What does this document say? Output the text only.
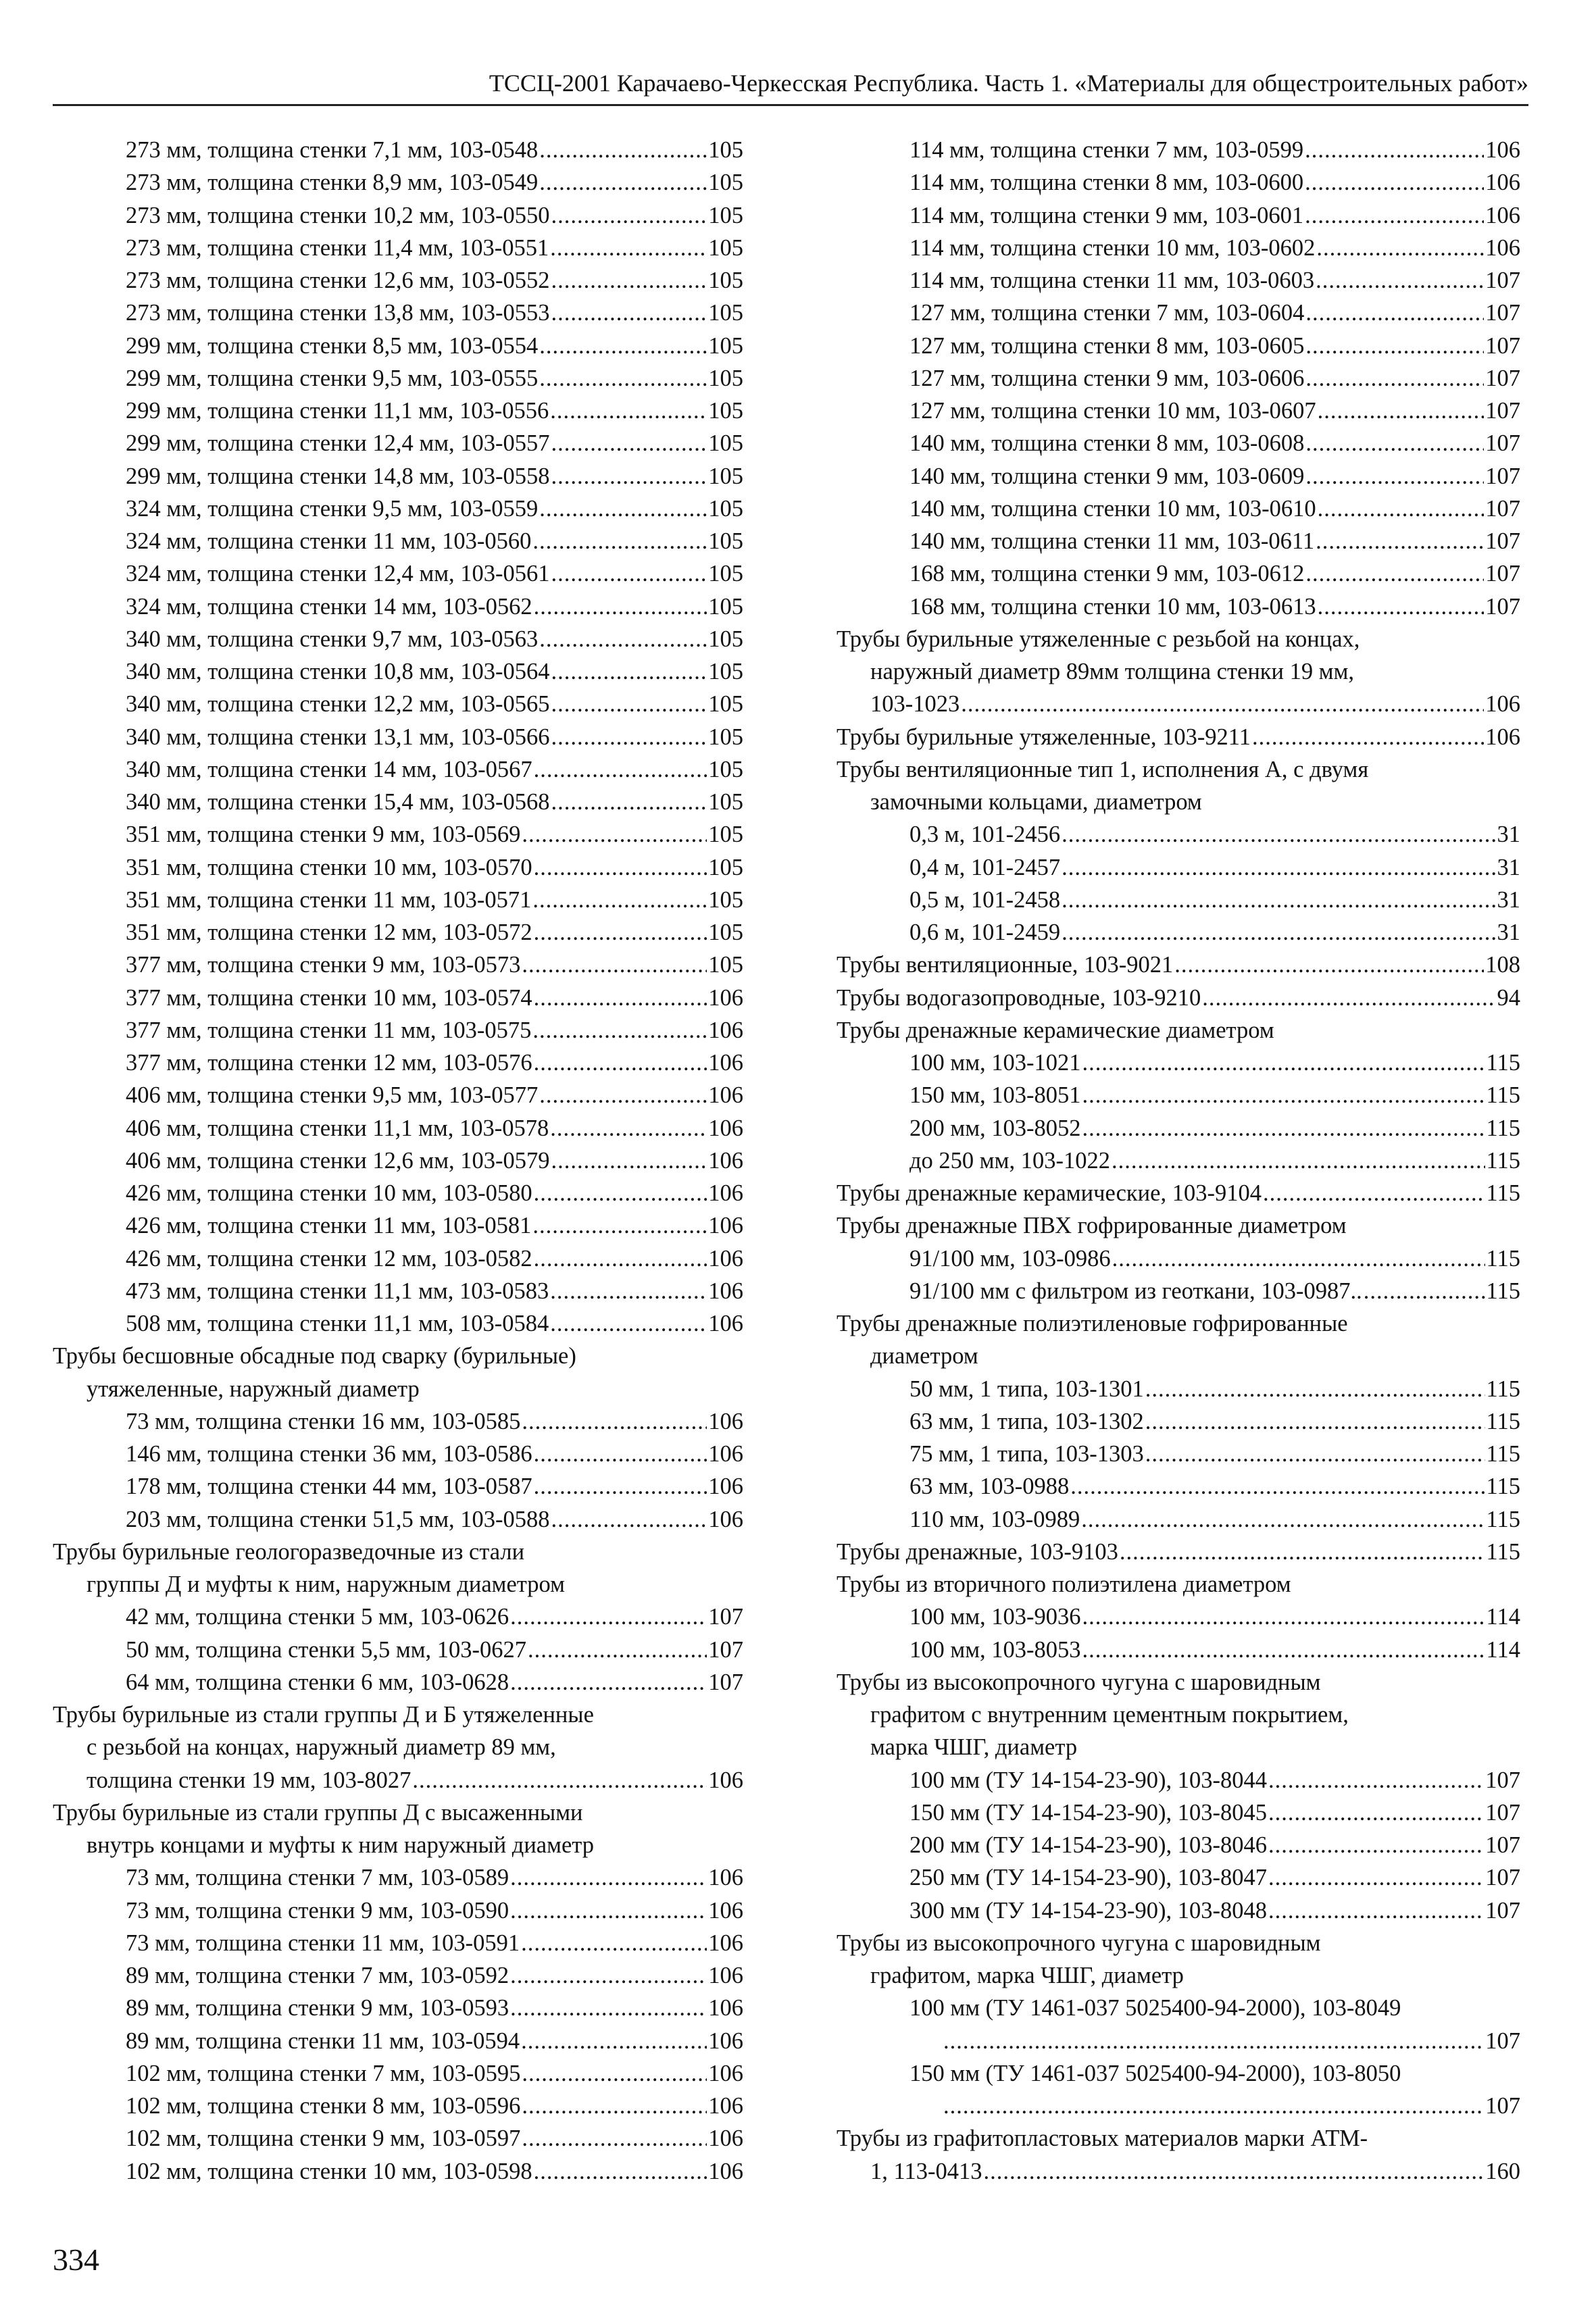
ТССЦ-2001 Карачаево-Черкесская Республика. Часть 1. «Материалы для общестроительных работ»
273 мм, толщина стенки 7,1 мм, 103-0548 .....	105
273 мм, толщина стенки 8,9 мм, 103-0549 .....	105
273 мм, толщина стенки 10,2 мм, 103-0550 .....	105
273 мм, толщина стенки 11,4 мм, 103-0551 .....	105
273 мм, толщина стенки 12,6 мм, 103-0552 .....	105
273 мм, толщина стенки 13,8 мм, 103-0553 .....	105
299 мм, толщина стенки 8,5 мм, 103-0554 .....	105
299 мм, толщина стенки 9,5 мм, 103-0555 .....	105
299 мм, толщина стенки 11,1 мм, 103-0556 .....	105
299 мм, толщина стенки 12,4 мм, 103-0557 .....	105
299 мм, толщина стенки 14,8 мм, 103-0558 .....	105
324 мм, толщина стенки 9,5 мм, 103-0559 .....	105
324 мм, толщина стенки 11 мм, 103-0560 .....	105
324 мм, толщина стенки 12,4 мм, 103-0561 .....	105
324 мм, толщина стенки 14 мм, 103-0562 .....	105
340 мм, толщина стенки 9,7 мм, 103-0563 .....	105
340 мм, толщина стенки 10,8 мм, 103-0564 .....	105
340 мм, толщина стенки 12,2 мм, 103-0565 .....	105
340 мм, толщина стенки 13,1 мм, 103-0566 .....	105
340 мм, толщина стенки 14 мм, 103-0567 .....	105
340 мм, толщина стенки 15,4 мм, 103-0568 .....	105
351 мм, толщина стенки 9 мм, 103-0569 .....	105
351 мм, толщина стенки 10 мм, 103-0570 .....	105
351 мм, толщина стенки 11 мм, 103-0571 .....	105
351 мм, толщина стенки 12 мм, 103-0572 .....	105
377 мм, толщина стенки 9 мм, 103-0573 .....	105
377 мм, толщина стенки 10 мм, 103-0574 .....	106
377 мм, толщина стенки 11 мм, 103-0575 .....	106
377 мм, толщина стенки 12 мм, 103-0576 .....	106
406 мм, толщина стенки 9,5 мм, 103-0577 .....	106
406 мм, толщина стенки 11,1 мм, 103-0578 .....	106
406 мм, толщина стенки 12,6 мм, 103-0579 .....	106
426 мм, толщина стенки 10 мм, 103-0580 .....	106
426 мм, толщина стенки 11 мм, 103-0581 .....	106
426 мм, толщина стенки 12 мм, 103-0582 .....	106
473 мм, толщина стенки 11,1 мм, 103-0583 .....	106
508 мм, толщина стенки 11,1 мм, 103-0584 .....	106
Трубы бесшовные обсадные под сварку (бурильные)
утяжеленные, наружный диаметр
73 мм, толщина стенки 16 мм, 103-0585 .....	106
146 мм, толщина стенки 36 мм, 103-0586 .....	106
178 мм, толщина стенки 44 мм, 103-0587 .....	106
203 мм, толщина стенки 51,5 мм, 103-0588 .....	106
Трубы бурильные геологоразведочные из стали
группы Д и муфты к ним, наружным диаметром
42 мм, толщина стенки 5 мм, 103-0626 .....	107
50 мм, толщина стенки 5,5 мм, 103-0627 .....	107
64 мм, толщина стенки 6 мм, 103-0628 .....	107
Трубы бурильные из стали группы Д и Б утяжеленные
с резьбой на концах, наружный диаметр 89 мм,
толщина стенки 19 мм, 103-8027 .....	106
Трубы бурильные из стали группы Д с высаженными
внутрь концами и муфты к ним наружный диаметр
73 мм, толщина стенки 7 мм, 103-0589 .....	106
73 мм, толщина стенки 9 мм, 103-0590 .....	106
73 мм, толщина стенки 11 мм, 103-0591 .....	106
89 мм, толщина стенки 7 мм, 103-0592 .....	106
89 мм, толщина стенки 9 мм, 103-0593 .....	106
89 мм, толщина стенки 11 мм, 103-0594 .....	106
102 мм, толщина стенки 7 мм, 103-0595 .....	106
102 мм, толщина стенки 8 мм, 103-0596 .....	106
102 мм, толщина стенки 9 мм, 103-0597 .....	106
102 мм, толщина стенки 10 мм, 103-0598 .....	106
114 мм, толщина стенки 7 мм, 103-0599 .....	106
114 мм, толщина стенки 8 мм, 103-0600 .....	106
114 мм, толщина стенки 9 мм, 103-0601 .....	106
114 мм, толщина стенки 10 мм, 103-0602 .....	106
114 мм, толщина стенки 11 мм, 103-0603 .....	107
127 мм, толщина стенки 7 мм, 103-0604 .....	107
127 мм, толщина стенки 8 мм, 103-0605 .....	107
127 мм, толщина стенки 9 мм, 103-0606 .....	107
127 мм, толщина стенки 10 мм, 103-0607 .....	107
140 мм, толщина стенки 8 мм, 103-0608 .....	107
140 мм, толщина стенки 9 мм, 103-0609 .....	107
140 мм, толщина стенки 10 мм, 103-0610 .....	107
140 мм, толщина стенки 11 мм, 103-0611 .....	107
168 мм, толщина стенки 9 мм, 103-0612 .....	107
168 мм, толщина стенки 10 мм, 103-0613 .....	107
Трубы бурильные утяжеленные с резьбой на концах,
наружный диаметр 89мм толщина стенки 19 мм,
103-1023 .....	106
Трубы бурильные утяжеленные, 103-9211 .....	106
Трубы вентиляционные тип 1, исполнения А, с двумя
замочными кольцами, диаметром
0,3 м, 101-2456 .....	31
0,4 м, 101-2457 .....	31
0,5 м, 101-2458 .....	31
0,6 м, 101-2459 .....	31
Трубы вентиляционные, 103-9021 .....	108
Трубы водогазопроводные, 103-9210 .....	94
Трубы дренажные керамические диаметром
100 мм, 103-1021 .....	115
150 мм, 103-8051 .....	115
200 мм, 103-8052 .....	115
до 250 мм, 103-1022 .....	115
Трубы дренажные керамические, 103-9104 .....	115
Трубы дренажные ПВХ гофрированные диаметром
91/100 мм, 103-0986 .....	115
91/100 мм с фильтром из геоткани, 103-0987.. .....	115
Трубы дренажные полиэтиленовые гофрированные
диаметром
50 мм, 1 типа, 103-1301 .....	115
63 мм, 1 типа, 103-1302 .....	115
75 мм, 1 типа, 103-1303 .....	115
63 мм, 103-0988 .....	115
110 мм, 103-0989 .....	115
Трубы дренажные, 103-9103 .....	115
Трубы из вторичного полиэтилена диаметром
100 мм, 103-9036 .....	114
100 мм, 103-8053 .....	114
Трубы из высокопрочного чугуна с шаровидным
графитом с внутренним цементным покрытием,
марка ЧШГ, диаметр
100 мм (ТУ 14-154-23-90), 103-8044 .....	107
150 мм (ТУ 14-154-23-90), 103-8045 .....	107
200 мм (ТУ 14-154-23-90), 103-8046 .....	107
250 мм (ТУ 14-154-23-90), 103-8047 .....	107
300 мм (ТУ 14-154-23-90), 103-8048 .....	107
Трубы из высокопрочного чугуна с шаровидным
графитом, марка ЧШГ, диаметр
100 мм (ТУ 1461-037 5025400-94-2000), 103-8049
.....
107
150 мм (ТУ 1461-037 5025400-94-2000), 103-8050
.....
107
Трубы из графитопластовых материалов марки АТМ-
1, 113-0413 .....	160
334
